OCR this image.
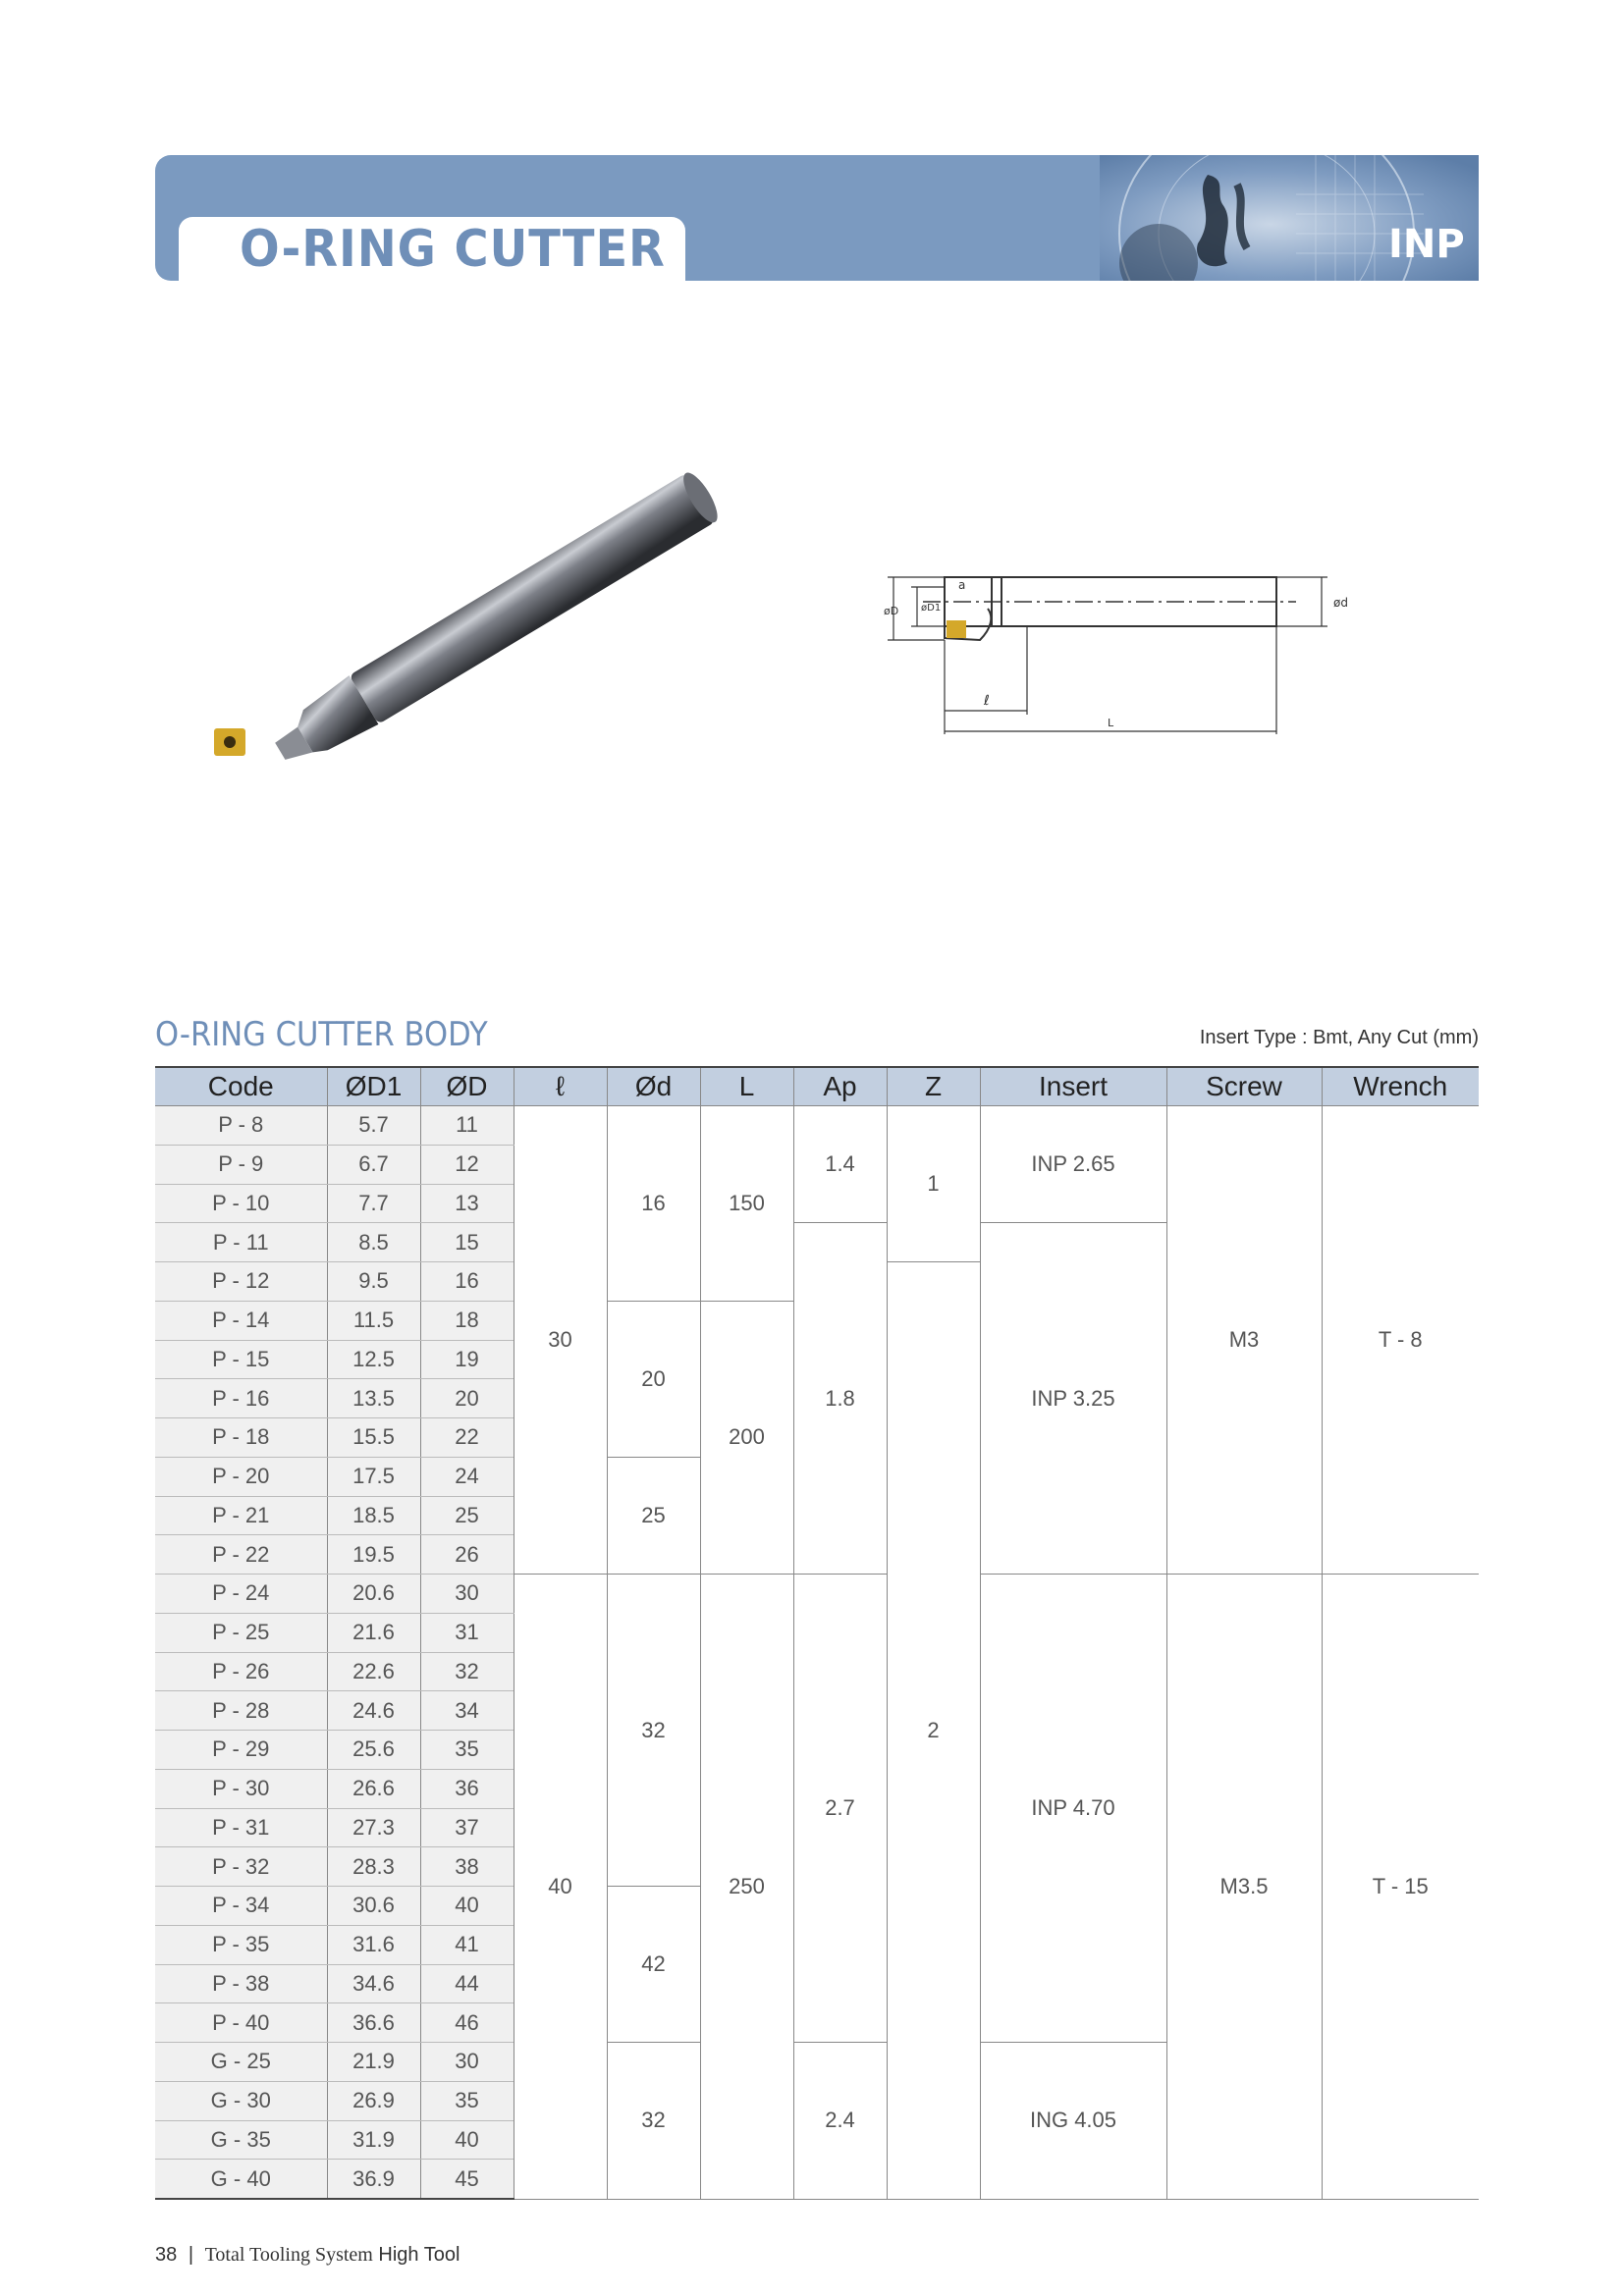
O-RING CUTTER	INP
øD øD1
a
ød
ℓ
L
O-RING CUTTER BODY	Insert Type : Bmt, Any Cut (mm)
Code	ØD1	ØD	ℓ	Ød	L	Ap	Z	Insert	Screw	Wrench
P - 8	5.7	11	30	16	150	1.4	1	INP 2.65	M3	T - 8
P - 9	6.7	12								
P - 10	7.7	13								
P - 11	8.5	15				1.8		INP 3.25		
P - 12	9.5	16					2			
P - 14	11.5	18		20	200					
P - 15	12.5	19								
P - 16	13.5	20								
P - 18	15.5	22								
P - 20	17.5	24		25						
P - 21	18.5	25								
P - 22	19.5	26								
P - 24	20.6	30	40	32	250	2.7		INP 4.70	M3.5	T - 15
P - 25	21.6	31								
P - 26	22.6	32								
P - 28	24.6	34								
P - 29	25.6	35								
P - 30	26.6	36								
P - 31	27.3	37								
P - 32	28.3	38								
P - 34	30.6	40		42						
P - 35	31.6	41								
P - 38	34.6	44								
P - 40	36.6	46								
G - 25	21.9	30		32		2.4		ING 4.05		
G - 30	26.9	35								
G - 35	31.9	40								
G - 40	36.9	45								
38 | Total Tooling System High Tool
